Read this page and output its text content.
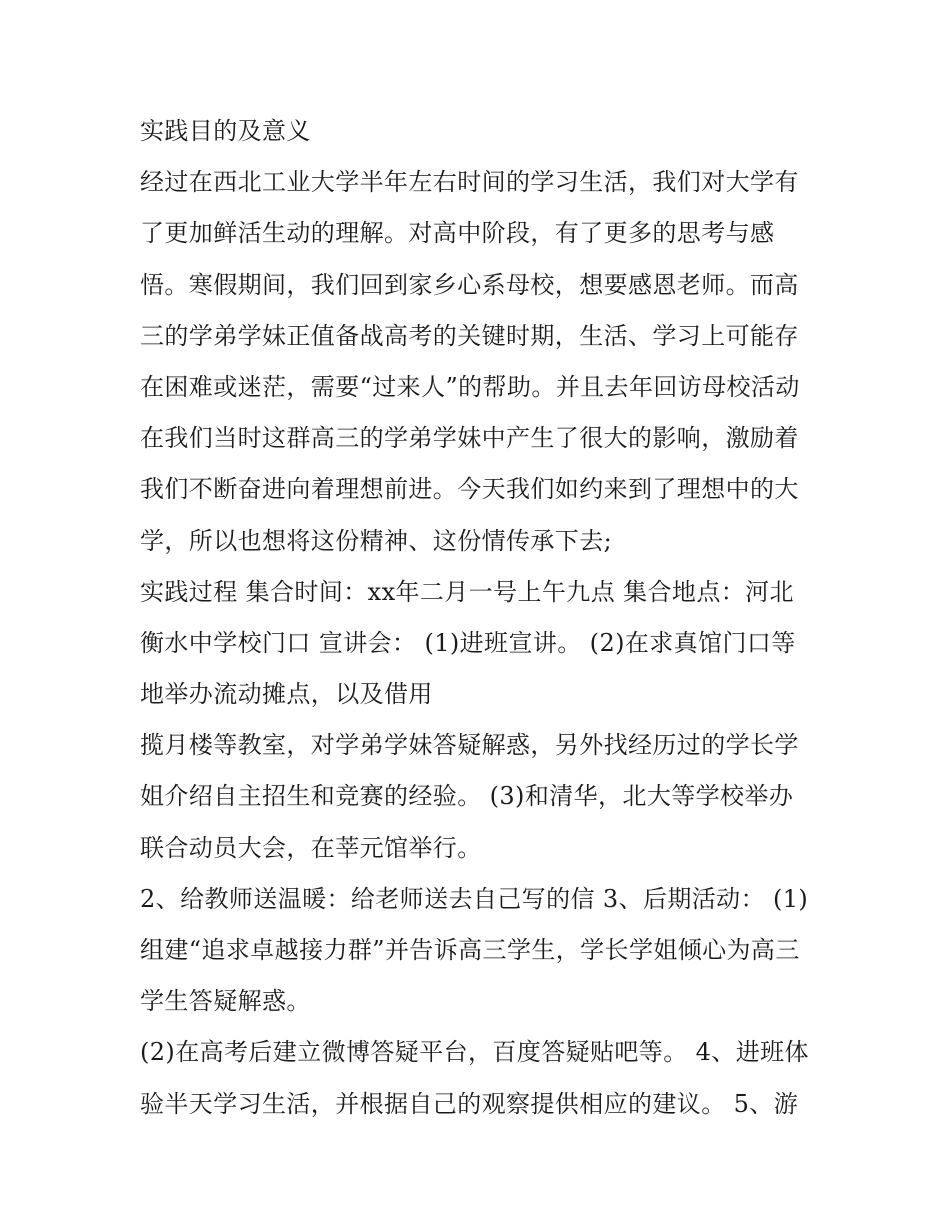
实践目的及意义
经过在西北工业大学半年左右时间的学习生活，我们对大学有
了更加鲜活生动的理解。对高中阶段，有了更多的思考与感
悟。寒假期间，我们回到家乡心系母校，想要感恩老师。而高
三的学弟学妹正值备战高考的关键时期，生活、学习上可能存
在困难或迷茫，需要“过来人”的帮助。并且去年回访母校活动
在我们当时这群高三的学弟学妹中产生了很大的影响，激励着
我们不断奋进向着理想前进。今天我们如约来到了理想中的大
学，所以也想将这份精神、这份情传承下去;
实践过程 集合时间：xx年二月一号上午九点 集合地点：河北
衡水中学校门口 宣讲会： (1)进班宣讲。 (2)在求真馆门口等
地举办流动摊点，以及借用
揽月楼等教室，对学弟学妹答疑解惑，另外找经历过的学长学
姐介绍自主招生和竞赛的经验。 (3)和清华，北大等学校举办
联合动员大会，在莘元馆举行。
2、给教师送温暖：给老师送去自己写的信 3、后期活动： (1)
组建“追求卓越接力群”并告诉高三学生，学长学姐倾心为高三
学生答疑解惑。
(2)在高考后建立微博答疑平台，百度答疑贴吧等。 4、进班体
验半天学习生活，并根据自己的观察提供相应的建议。 5、游
